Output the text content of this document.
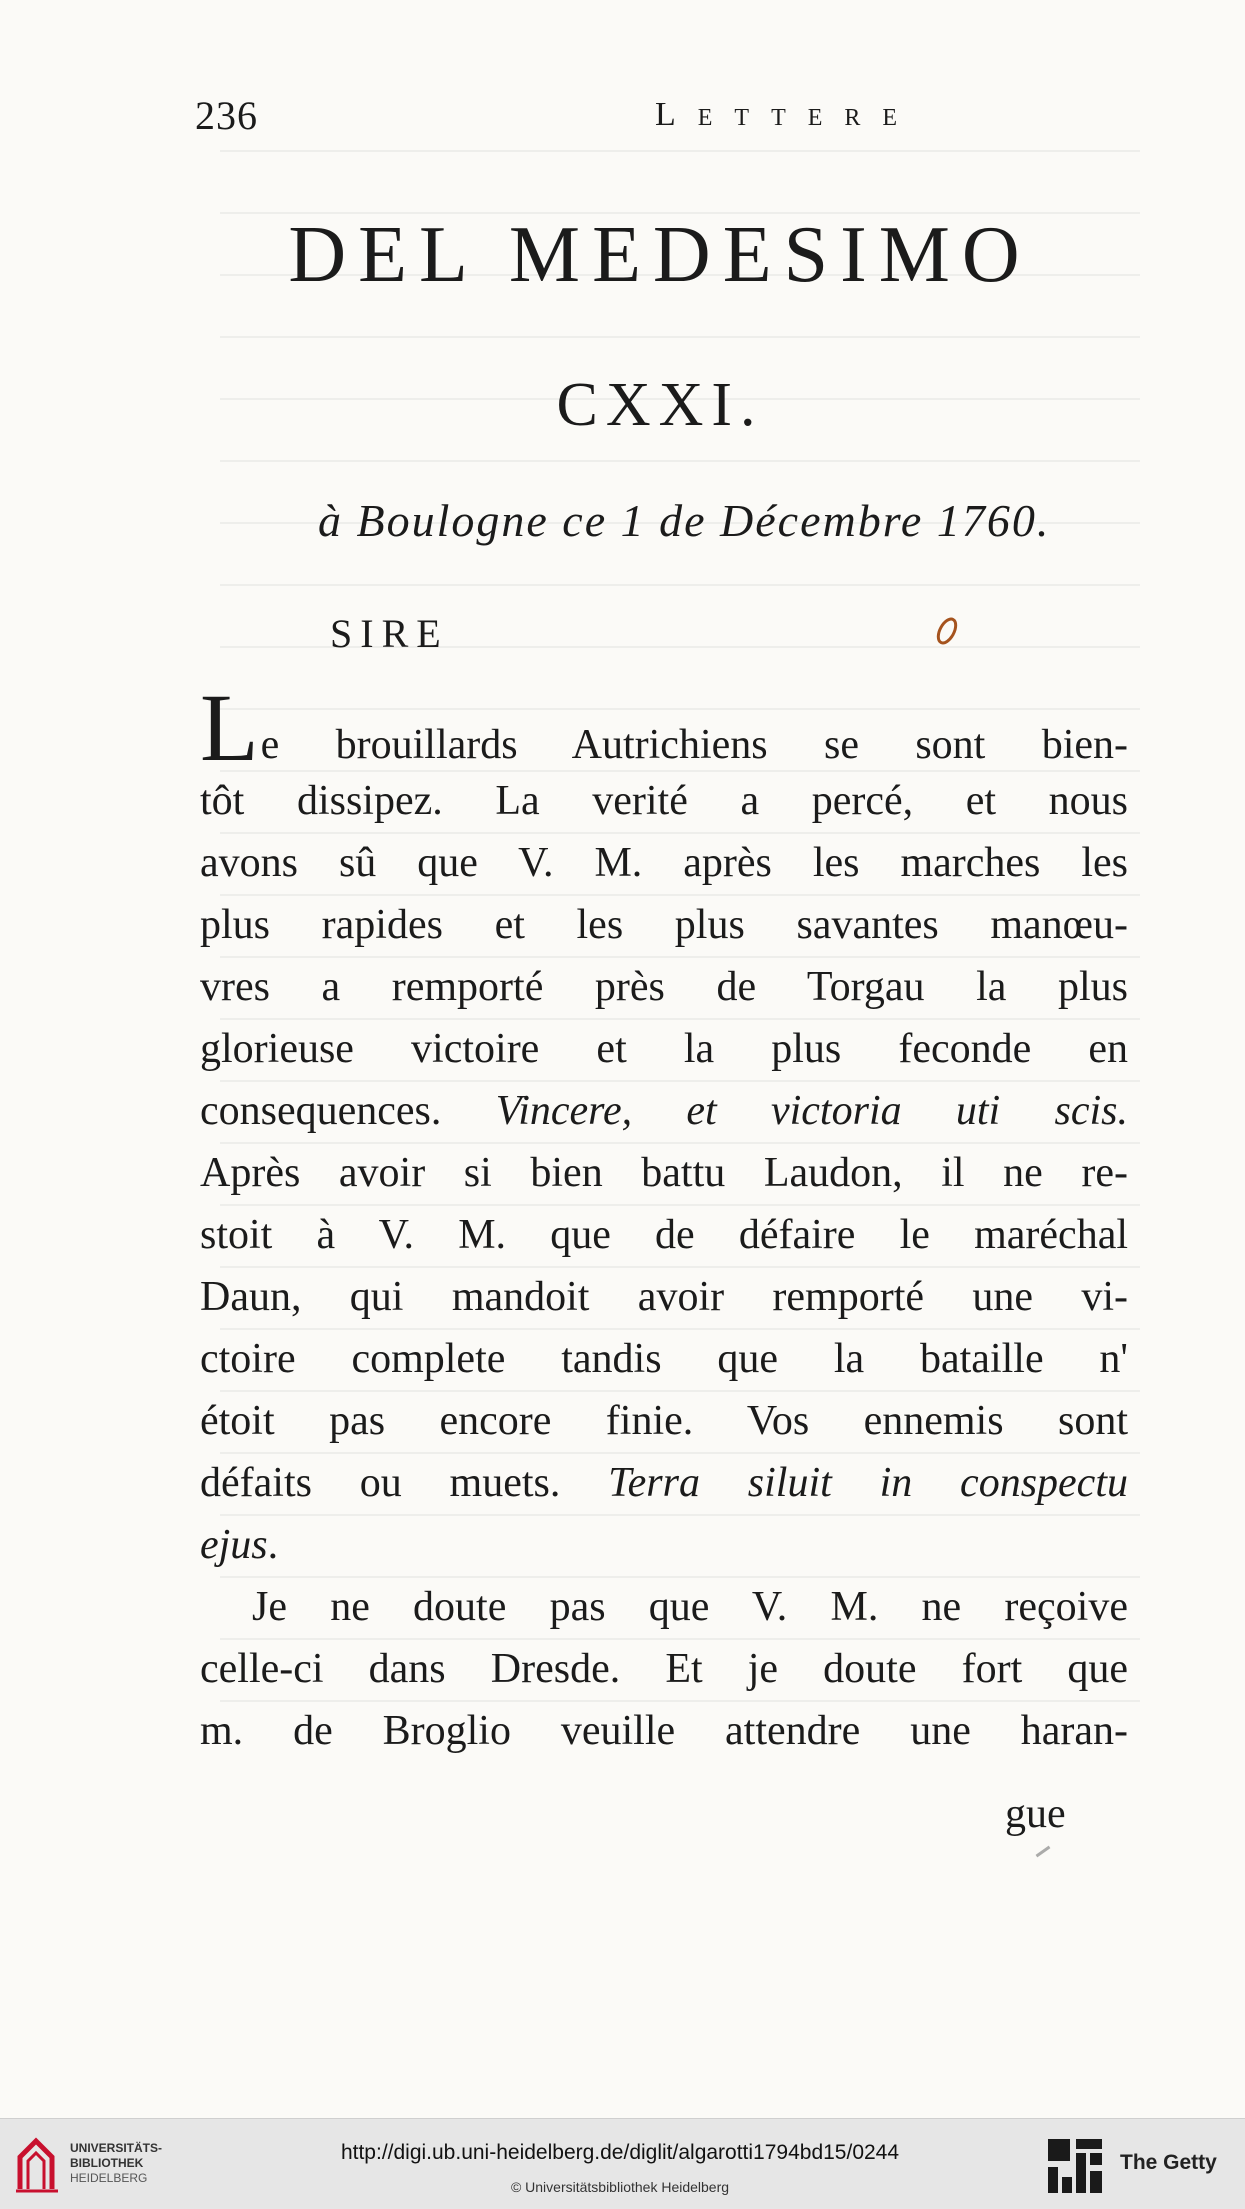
236	Lettere
DEL MEDESIMO
CXXI.
à Boulogne ce 1 de Décembre 1760.
SIRE
Le brouillards Autrichiens se sont bien-
tôt dissipez. La verité a percé, et nous
avons sû que V. M. après les marches les
plus rapides et les plus savantes manœu-
vres a remporté près de Torgau la plus
glorieuse victoire et la plus feconde en
consequences. Vincere, et victoria uti scis.
Après avoir si bien battu Laudon, il ne re-
stoit à V. M. que de défaire le maréchal
Daun, qui mandoit avoir remporté une vi-
ctoire complete tandis que la bataille n'
étoit pas encore finie. Vos ennemis sont
défaits ou muets. Terra siluit in conspectu
ejus.
Je ne doute pas que V. M. ne reçoive
celle-ci dans Dresde. Et je doute fort que
m. de Broglio veuille attendre une haran-
gue
UNIVERSITÄTS-
BIBLIOTHEK
HEIDELBERG
http://digi.ub.uni-heidelberg.de/diglit/algarotti1794bd15/0244
© Universitätsbibliothek Heidelberg
The Getty
